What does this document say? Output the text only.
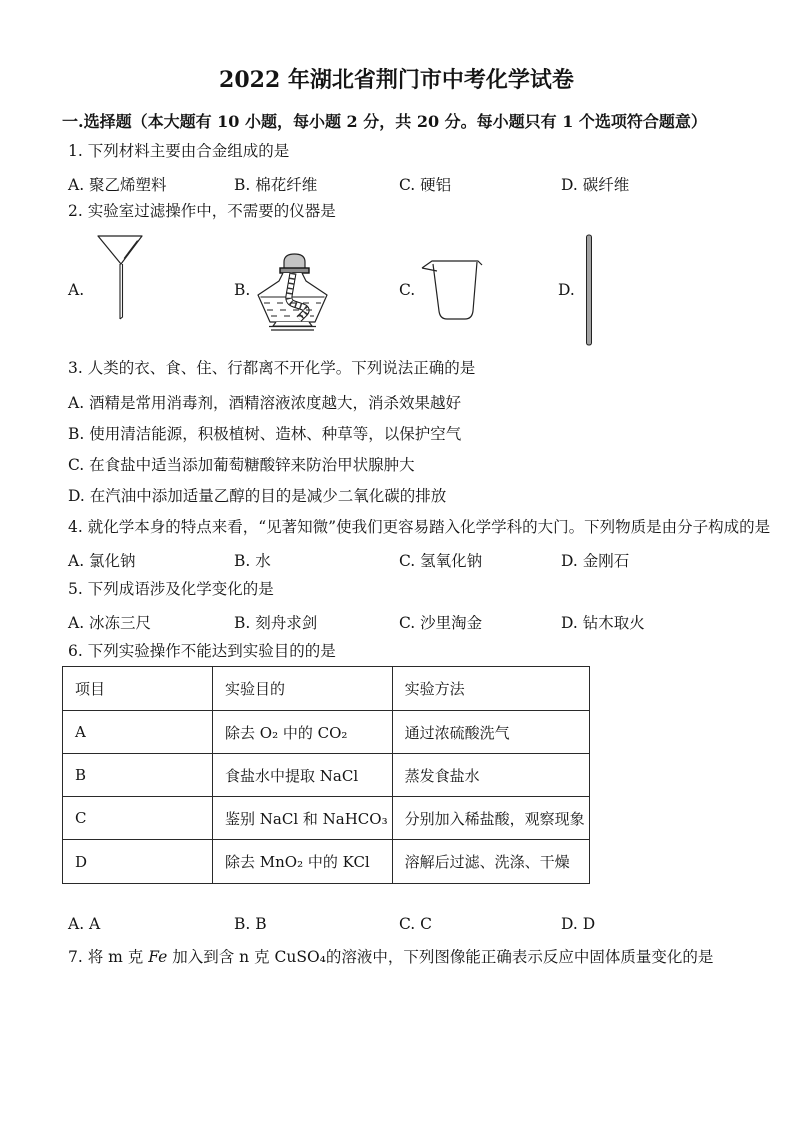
2022 年湖北省荆门市中考化学试卷
一.选择题（本大题有 10 小题，每小题 2 分，共 20 分。每小题只有 1 个选项符合题意）
1. 下列材料主要由合金组成的是
A. 聚乙烯塑料	B. 棉花纤维	C. 硬铝	D. 碳纤维
2. 实验室过滤操作中，不需要的仪器是
A.	B.	C.	D.
3. 人类的衣、食、住、行都离不开化学。下列说法正确的是
A. 酒精是常用消毒剂，酒精溶液浓度越大，消杀效果越好
B. 使用清洁能源，积极植树、造林、种草等，以保护空气
C. 在食盐中适当添加葡萄糖酸锌来防治甲状腺肿大
D. 在汽油中添加适量乙醇的目的是减少二氧化碳的排放
4. 就化学本身的特点来看，“见著知微”使我们更容易踏入化学学科的大门。下列物质是由分子构成的是
A. 氯化钠	B. 水	C. 氢氧化钠	D. 金刚石
5. 下列成语涉及化学变化的是
A. 冰冻三尺	B. 刻舟求剑	C. 沙里淘金	D. 钻木取火
6. 下列实验操作不能达到实验目的的是
项目	实验目的	实验方法
A	除去 O₂ 中的 CO₂	通过浓硫酸洗气
B	食盐水中提取 NaCl	蒸发食盐水
C	鉴别 NaCl 和 NaHCO₃	分别加入稀盐酸，观察现象
D	除去 MnO₂ 中的 KCl	溶解后过滤、洗涤、干燥
A. A	B. B	C. C	D. D
7. 将 m 克 Fe 加入到含 n 克 CuSO₄的溶液中，下列图像能正确表示反应中固体质量变化的是
